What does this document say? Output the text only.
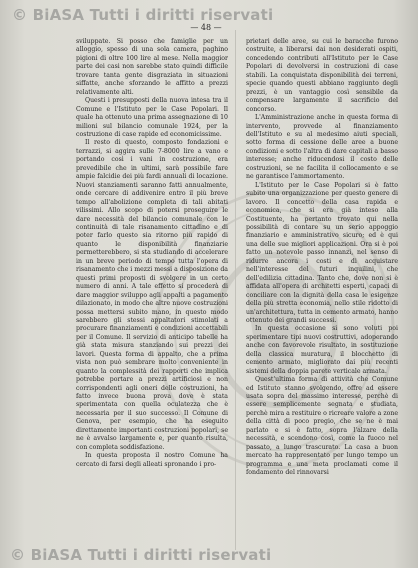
© BiASA Tutti i diritti riservati
— 48 —

sviluppate. Si posso che famiglie per un alloggio, spesso di una sola camera, paghino pigioni di oltre 100 lire al mese. Nella maggior parte dei casi non sarebbe stato quindi difficile trovare tanta gente disgraziata in situazioni siffatte, anche sforzando le affitto a prezzi relativamente alti.

Questi i presupposti della nuova intesa tra il Comune e l'Istituto per le Case Popolari. Il quale ha ottenuto una prima assegnazione di 10 milioni sul bilancio comunale 1924, per la costruzione di case rapide ed economicissime.

Il resto di questo, composto fondazioni e terrazzi, si aggira sulle 7-8000 lire a vano e portando così i vani in costruzione, era prevedibile che in ultimi, sarà possibile fare ampie falcidie dei più fardi annuali di locazione. Nuovi stanziamenti saranno fatti annualmente, onde cercare di addivenire entro il più breve tempo all'abolizione completa di tali abitati vilissimi. Allo scopo di potersi proseguire le dare necessità del bilancio comunale con le continuità di tale risanamento cittadino e di poter farlo questo sia ritorno più rapido di quanto le disponibilità finanziarie permetterebbero, si sta studiando di accelerare in un breve periodo di tempo tutta l'opera di risanamento che i mezzi messi a disposizione da questi primi proposti di svolgere in un certo numero di anni. A tale effetto si procederà di dare maggior sviluppo agli appalti a pagamento dilazionato, in modo che altre nuove costruzioni possa mettersi subito mano, in questo modo sarebbero gli stessi appaltatori stimolati a procurare finanziamenti e condizioni accettabili per il Comune. Il servizio di anticipo tabelle ha già stata misura stanziando sui prezzi dei lavori. Questa forma di appalto, che a prima vista non può sembrare molto conveniente in quanto la complessità dei rapporti che implica potrebbe portare a prezzi artificiosi e non corrispondenti agli oneri delle costruzioni, ha fatto invece buona prova dove è stata sperimentata con quella oculatezza che è necessaria per il suo successo. Il Comune di Genova, per esempio, che ha eseguito direttamente importanti costruzioni popolari, se ne è avvalso largamente e, per quanto risulta, con completa soddisfazione.

In questa proposta il nostro Comune ha cercato di farsi degli alleati spronando i pro-

prietari delle aree, su cui le baracche furono costruite, a liberarsi dai non desiderati ospiti, concedendo contributi all'Istituto per le Case Popolari di devolversi in costruzioni di case stabili. La conquistata disponibilità dei terreni, specie quando questi abbiano raggiunto degli prezzi, è un vantaggio così sensibile da compensare largamente il sacrificio del concorso.

L'Amministrazione anche in questa forma di intervento, provvede al finanziamento dell'Istituto e su al medesimo aiuti speciali, sotto forma di cessione delle aree a buone condizioni e sotto l'altra di dare capitali a basso interesse; anche riducendosi il costo delle costruzioni, se ne facilita il collocamento e se ne garantisce l'ammortamento.

L'Istituto per le Case Popolari si è fatto subito una organizzazione per questo genere di lavoro. Il concetto della casa rapida e economica, che si era già inteso alla Costituente, ha pertanto trovato qui nella possibilità di contare su un serio appoggio finanziario e amministrativo sicuro; ed è qui una delle sue migliori applicazioni. Ora si è poi fatto un notevole passo innanzi, nel senso di ridurre ancora i costi e di acquistare nell'interesse del futuri inquilini, che dell'edilizia cittadina. Tanto che, dove non si è affidata all'opera di architetti esperti, capaci di conciliare con la dignità della casa le esigenze della più stretta economia, nello stile ridotto di un'architettura, tutta in cemento armato, hanno ottenuto dei grandi successi.

In questa occasione si sono voluti poi sperimentare tipi nuovi costruttivi, adoperando anche con favorevole risultato, in sostituzione della classica muratura, il blocchetto di cemento armato, migliorato dai più recenti sistemi della doppia parete verticale armata.

Quest'ultima forma di attività che Comune ed Istituto stanno svolgendo, offre ad essere usata sopra del massimo interesse, perchè di essere semplicemente segnata e studiata, perchè mira a restituire o ricreare valore a zone della città di poco pregio, che se ne è mai parlato e si è fatto, sopra l'alzare della necessità, e scendono così, come la fuoco nel passato, a lungo trascurato. La casa a buon mercato ha rappresentato per lungo tempo un programma e una meta proclamati come il fondamento del rinnovarsi

© BiASA Tutti i diritti riservati
